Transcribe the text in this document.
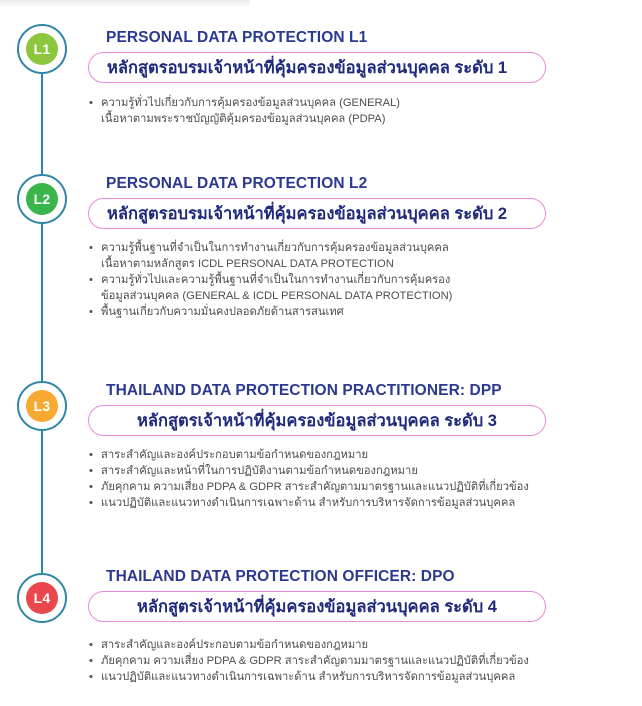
L1
PERSONAL DATA PROTECTION L1
หลักสูตรอบรมเจ้าหน้าที่คุ้มครองข้อมูลส่วนบุคคล ระดับ 1
• ความรู้ทั่วไปเกี่ยวกับการคุ้มครองข้อมูลส่วนบุคคล (GENERAL)
เนื้อหาตามพระราชบัญญัติคุ้มครองข้อมูลส่วนบุคคล (PDPA)
L2
PERSONAL DATA PROTECTION L2
หลักสูตรอบรมเจ้าหน้าที่คุ้มครองข้อมูลส่วนบุคคล ระดับ 2
• ความรู้พื้นฐานที่จำเป็นในการทำงานเกี่ยวกับการคุ้มครองข้อมูลส่วนบุคคล
เนื้อหาตามหลักสูตร ICDL PERSONAL DATA PROTECTION
• ความรู้ทั่วไปและความรู้พื้นฐานที่จำเป็นในการทำงานเกี่ยวกับการคุ้มครอง
ข้อมูลส่วนบุคคล (GENERAL & ICDL PERSONAL DATA PROTECTION)
• พื้นฐานเกี่ยวกับความมั่นคงปลอดภัยด้านสารสนเทศ
L3
THAILAND DATA PROTECTION PRACTITIONER: DPP
หลักสูตรเจ้าหน้าที่คุ้มครองข้อมูลส่วนบุคคล ระดับ 3
• สาระสำคัญและองค์ประกอบตามข้อกำหนดของกฎหมาย
• สาระสำคัญและหน้าที่ในการปฏิบัติงานตามข้อกำหนดของกฎหมาย
• ภัยคุกคาม ความเสี่ยง PDPA & GDPR สาระสำคัญตามมาตรฐานและแนวปฏิบัติที่เกี่ยวข้อง
• แนวปฏิบัติและแนวทางดำเนินการเฉพาะด้าน สำหรับการบริหารจัดการข้อมูลส่วนบุคคล
L4
THAILAND DATA PROTECTION OFFICER: DPO
หลักสูตรเจ้าหน้าที่คุ้มครองข้อมูลส่วนบุคคล ระดับ 4
• สาระสำคัญและองค์ประกอบตามข้อกำหนดของกฎหมาย
• ภัยคุกคาม ความเสี่ยง PDPA & GDPR สาระสำคัญตามมาตรฐานและแนวปฏิบัติที่เกี่ยวข้อง
• แนวปฏิบัติและแนวทางดำเนินการเฉพาะด้าน สำหรับการบริหารจัดการข้อมูลส่วนบุคคล
